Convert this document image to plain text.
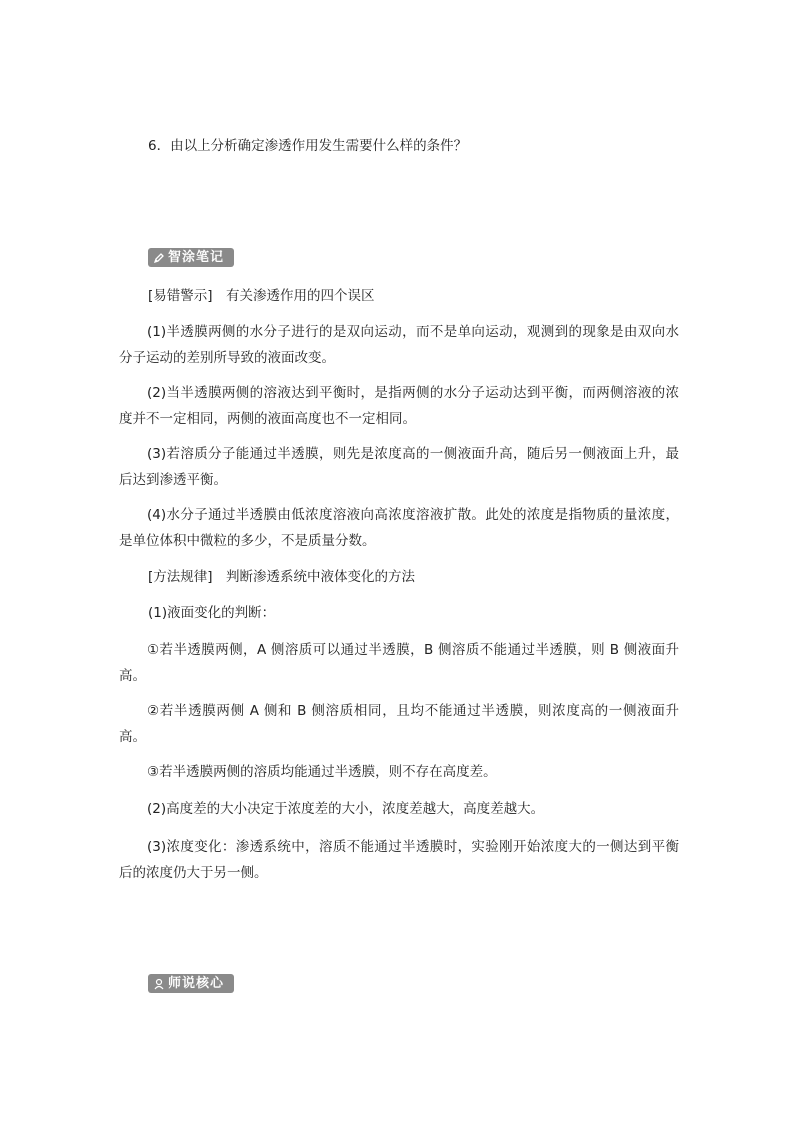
6．由以上分析确定渗透作用发生需要什么样的条件？
智涂笔记
[易错警示]　有关渗透作用的四个误区
(1)半透膜两侧的水分子进行的是双向运动，而不是单向运动，观测到的现象是由双向水分子运动的差别所导致的液面改变。
(2)当半透膜两侧的溶液达到平衡时，是指两侧的水分子运动达到平衡，而两侧溶液的浓度并不一定相同，两侧的液面高度也不一定相同。
(3)若溶质分子能通过半透膜，则先是浓度高的一侧液面升高，随后另一侧液面上升，最后达到渗透平衡。
(4)水分子通过半透膜由低浓度溶液向高浓度溶液扩散。此处的浓度是指物质的量浓度，是单位体积中微粒的多少，不是质量分数。
[方法规律]　判断渗透系统中液体变化的方法
(1)液面变化的判断：
①若半透膜两侧，A 侧溶质可以通过半透膜，B 侧溶质不能通过半透膜，则 B 侧液面升高。
②若半透膜两侧 A 侧和 B 侧溶质相同，且均不能通过半透膜，则浓度高的一侧液面升高。
③若半透膜两侧的溶质均能通过半透膜，则不存在高度差。
(2)高度差的大小决定于浓度差的大小，浓度差越大，高度差越大。
(3)浓度变化：渗透系统中，溶质不能通过半透膜时，实验刚开始浓度大的一侧达到平衡后的浓度仍大于另一侧。
师说核心
